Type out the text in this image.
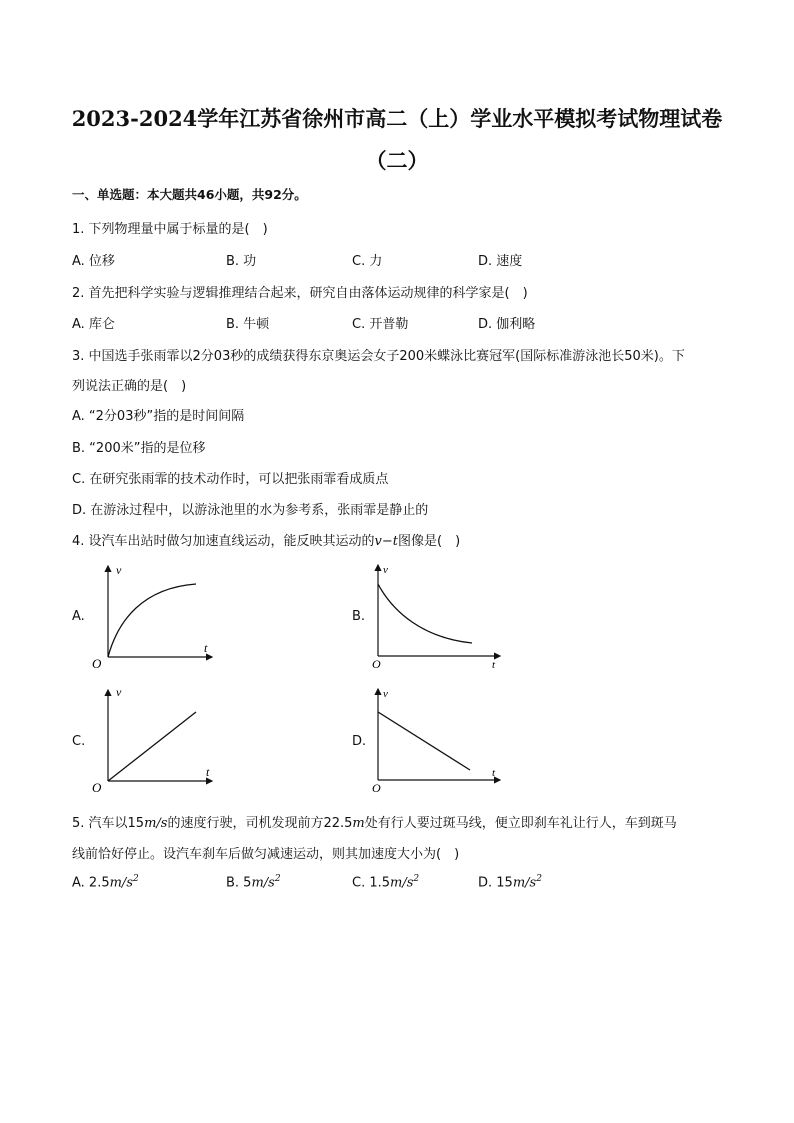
2023-2024学年江苏省徐州市高二（上）学业水平模拟考试物理试卷
（二）
一、单选题：本大题共46小题，共92分。
1. 下列物理量中属于标量的是(　)
A. 位移	B. 功	C. 力	D. 速度
2. 首先把科学实验与逻辑推理结合起来，研究自由落体运动规律的科学家是(　)
A. 库仑	B. 牛顿	C. 开普勒	D. 伽利略
3. 中国选手张雨霏以2分03秒的成绩获得东京奥运会女子200米蝶泳比赛冠军(国际标准游泳池长50米)。下
列说法正确的是(　)
A. “2分03秒”指的是时间间隔
B. “200米”指的是位移
C. 在研究张雨霏的技术动作时，可以把张雨霏看成质点
D. 在游泳过程中，以游泳池里的水为参考系，张雨霏是静止的
4. 设汽车出站时做匀加速直线运动，能反映其运动的v−t图像是(　)
A.	B.
C.	D.
v
t
O
v
t
O
v
t
O
v
t
O
5. 汽车以15m/s的速度行驶，司机发现前方22.5m处有行人要过斑马线，便立即刹车礼让行人，车到斑马
线前恰好停止。设汽车刹车后做匀减速运动，则其加速度大小为(　)
A. $2.5m/s^2$	B. $5m/s^2$	C. $1.5m/s^2$	D. $15m/s^2$
